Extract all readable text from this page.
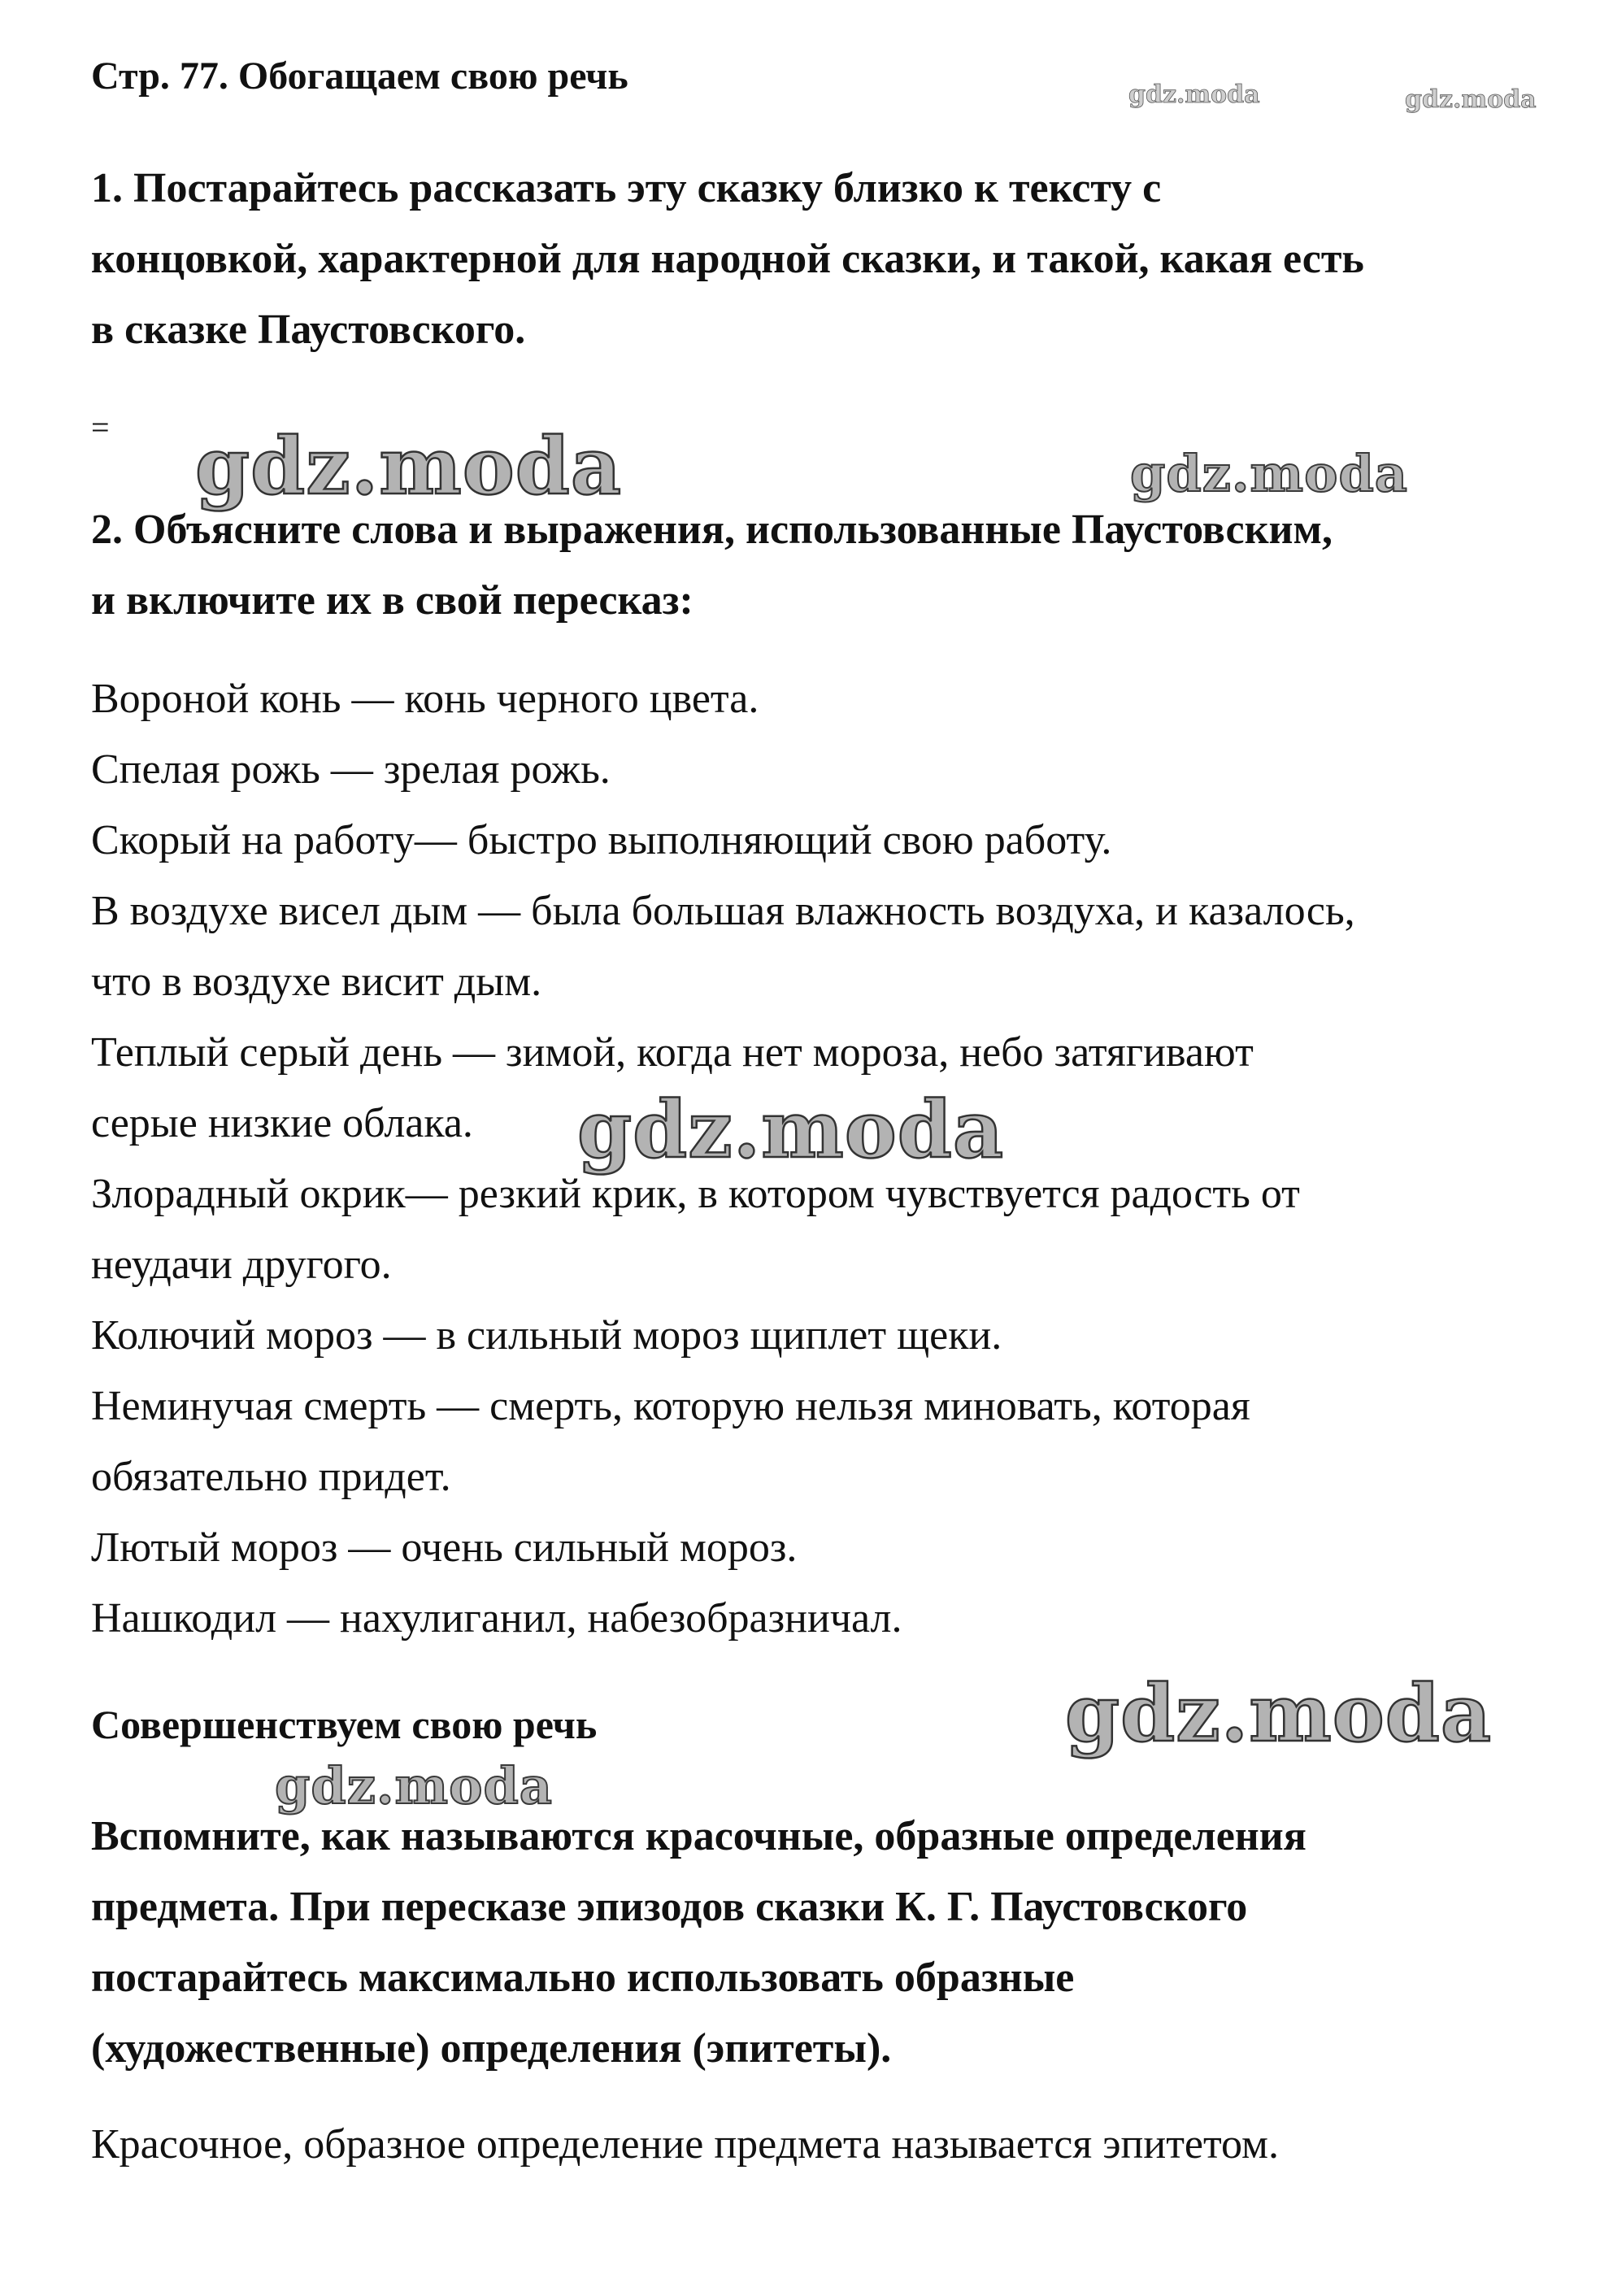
gdz.moda	gdz.moda
gdz.moda	gdz.moda
gdz.moda
gdz.moda
gdz.moda
Стр. 77. Обогащаем свою речь
1. Постарайтесь рассказать эту сказку близко к тексту с
концовкой, характерной для народной сказки, и такой, какая есть
в сказке Паустовского.
=
2. Объясните слова и выражения, использованные Паустовским,
и включите их в свой пересказ:
Вороной конь — конь черного цвета.
Спелая рожь — зрелая рожь.
Скорый на работу— быстро выполняющий свою работу.
В воздухе висел дым — была большая влажность воздуха, и казалось,
что в воздухе висит дым.
Теплый серый день — зимой, когда нет мороза, небо затягивают
серые низкие облака.
Злорадный окрик— резкий крик, в котором чувствуется радость от
неудачи другого.
Колючий мороз — в сильный мороз щиплет щеки.
Неминучая смерть — смерть, которую нельзя миновать, которая
обязательно придет.
Лютый мороз — очень сильный мороз.
Нашкодил — нахулиганил, набезобразничал.
Совершенствуем свою речь
Вспомните, как называются красочные, образные определения
предмета. При пересказе эпизодов сказки К. Г. Паустовского
постарайтесь максимально использовать образные
(художественные) определения (эпитеты).
Красочное, образное определение предмета называется эпитетом.
